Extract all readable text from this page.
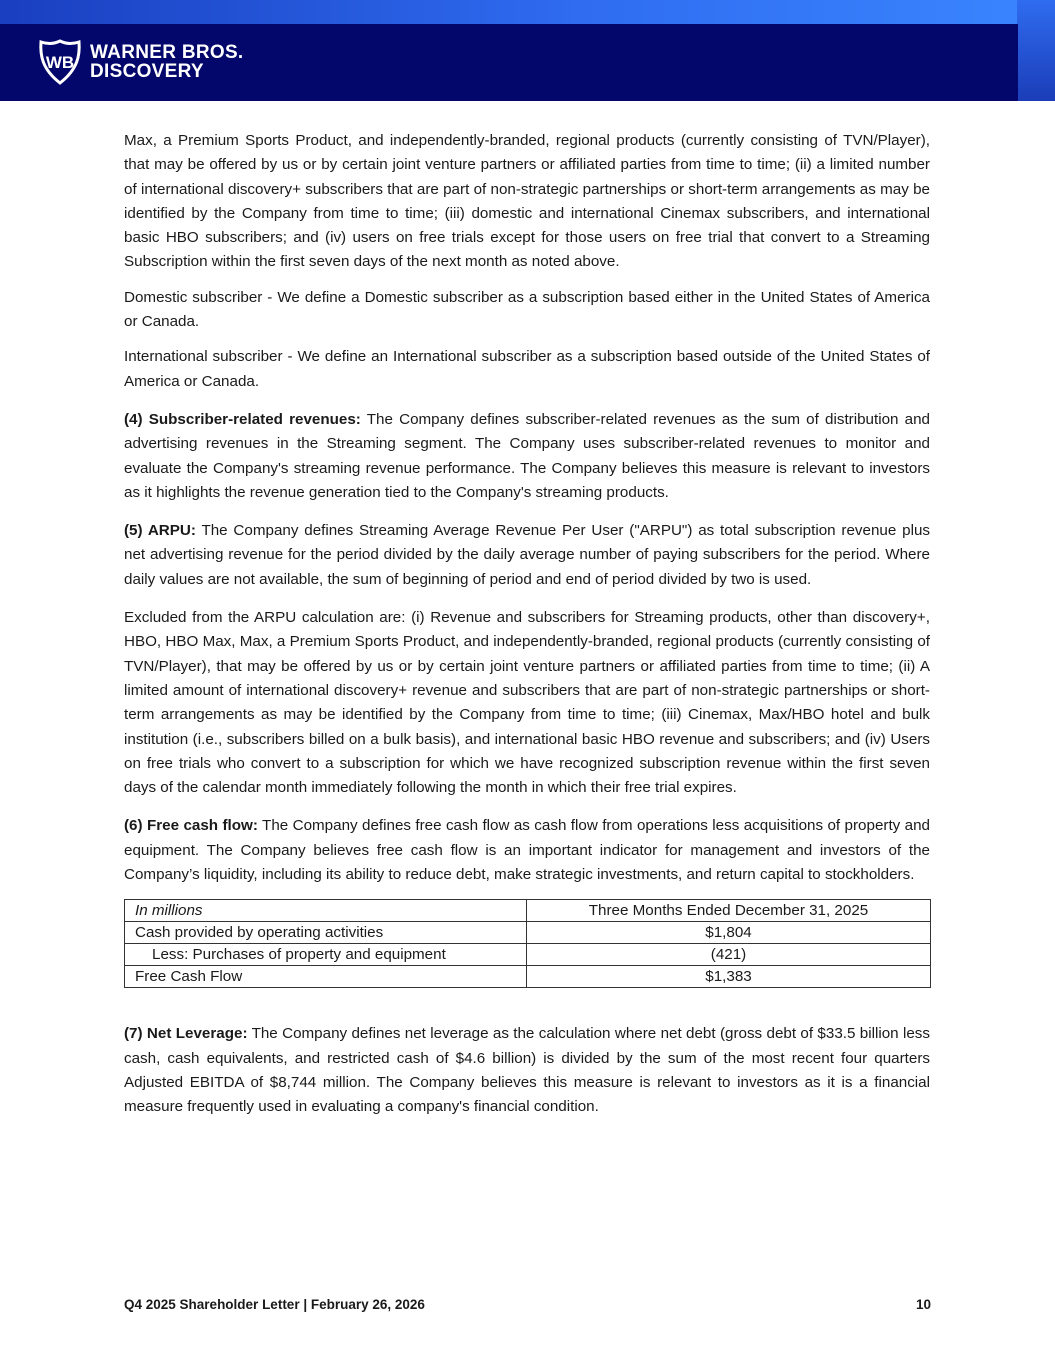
WB WARNER BROS.
DISCOVERY

Max, a Premium Sports Product, and independently-branded, regional products (currently consisting of TVN/Player), that may be offered by us or by certain joint venture partners or affiliated parties from time to time; (ii) a limited number of international discovery+ subscribers that are part of non-strategic partnerships or short-term arrangements as may be identified by the Company from time to time; (iii) domestic and international Cinemax subscribers, and international basic HBO subscribers; and (iv) users on free trials except for those users on free trial that convert to a Streaming Subscription within the first seven days of the next month as noted above.

Domestic subscriber - We define a Domestic subscriber as a subscription based either in the United States of America or Canada.

International subscriber - We define an International subscriber as a subscription based outside of the United States of America or Canada.

(4) Subscriber-related revenues: The Company defines subscriber-related revenues as the sum of distribution and advertising revenues in the Streaming segment. The Company uses subscriber-related revenues to monitor and evaluate the Company's streaming revenue performance. The Company believes this measure is relevant to investors as it highlights the revenue generation tied to the Company's streaming products.

(5) ARPU: The Company defines Streaming Average Revenue Per User ("ARPU") as total subscription revenue plus net advertising revenue for the period divided by the daily average number of paying subscribers for the period. Where daily values are not available, the sum of beginning of period and end of period divided by two is used.

Excluded from the ARPU calculation are: (i) Revenue and subscribers for Streaming products, other than discovery+, HBO, HBO Max, Max, a Premium Sports Product, and independently-branded, regional products (currently consisting of TVN/Player), that may be offered by us or by certain joint venture partners or affiliated parties from time to time; (ii) A limited amount of international discovery+ revenue and subscribers that are part of non-strategic partnerships or short-term arrangements as may be identified by the Company from time to time; (iii) Cinemax, Max/HBO hotel and bulk institution (i.e., subscribers billed on a bulk basis), and international basic HBO revenue and subscribers; and (iv) Users on free trials who convert to a subscription for which we have recognized subscription revenue within the first seven days of the calendar month immediately following the month in which their free trial expires.

(6) Free cash flow: The Company defines free cash flow as cash flow from operations less acquisitions of property and equipment. The Company believes free cash flow is an important indicator for management and investors of the Company’s liquidity, including its ability to reduce debt, make strategic investments, and return capital to stockholders.

In millions	Three Months Ended December 31, 2025
Cash provided by operating activities	$1,804
Less: Purchases of property and equipment	(421)
Free Cash Flow	$1,383

(7) Net Leverage: The Company defines net leverage as the calculation where net debt (gross debt of $33.5 billion less cash, cash equivalents, and restricted cash of $4.6 billion) is divided by the sum of the most recent four quarters Adjusted EBITDA of $8,744 million. The Company believes this measure is relevant to investors as it is a financial measure frequently used in evaluating a company's financial condition.

Q4 2025 Shareholder Letter | February 26, 2026	10
